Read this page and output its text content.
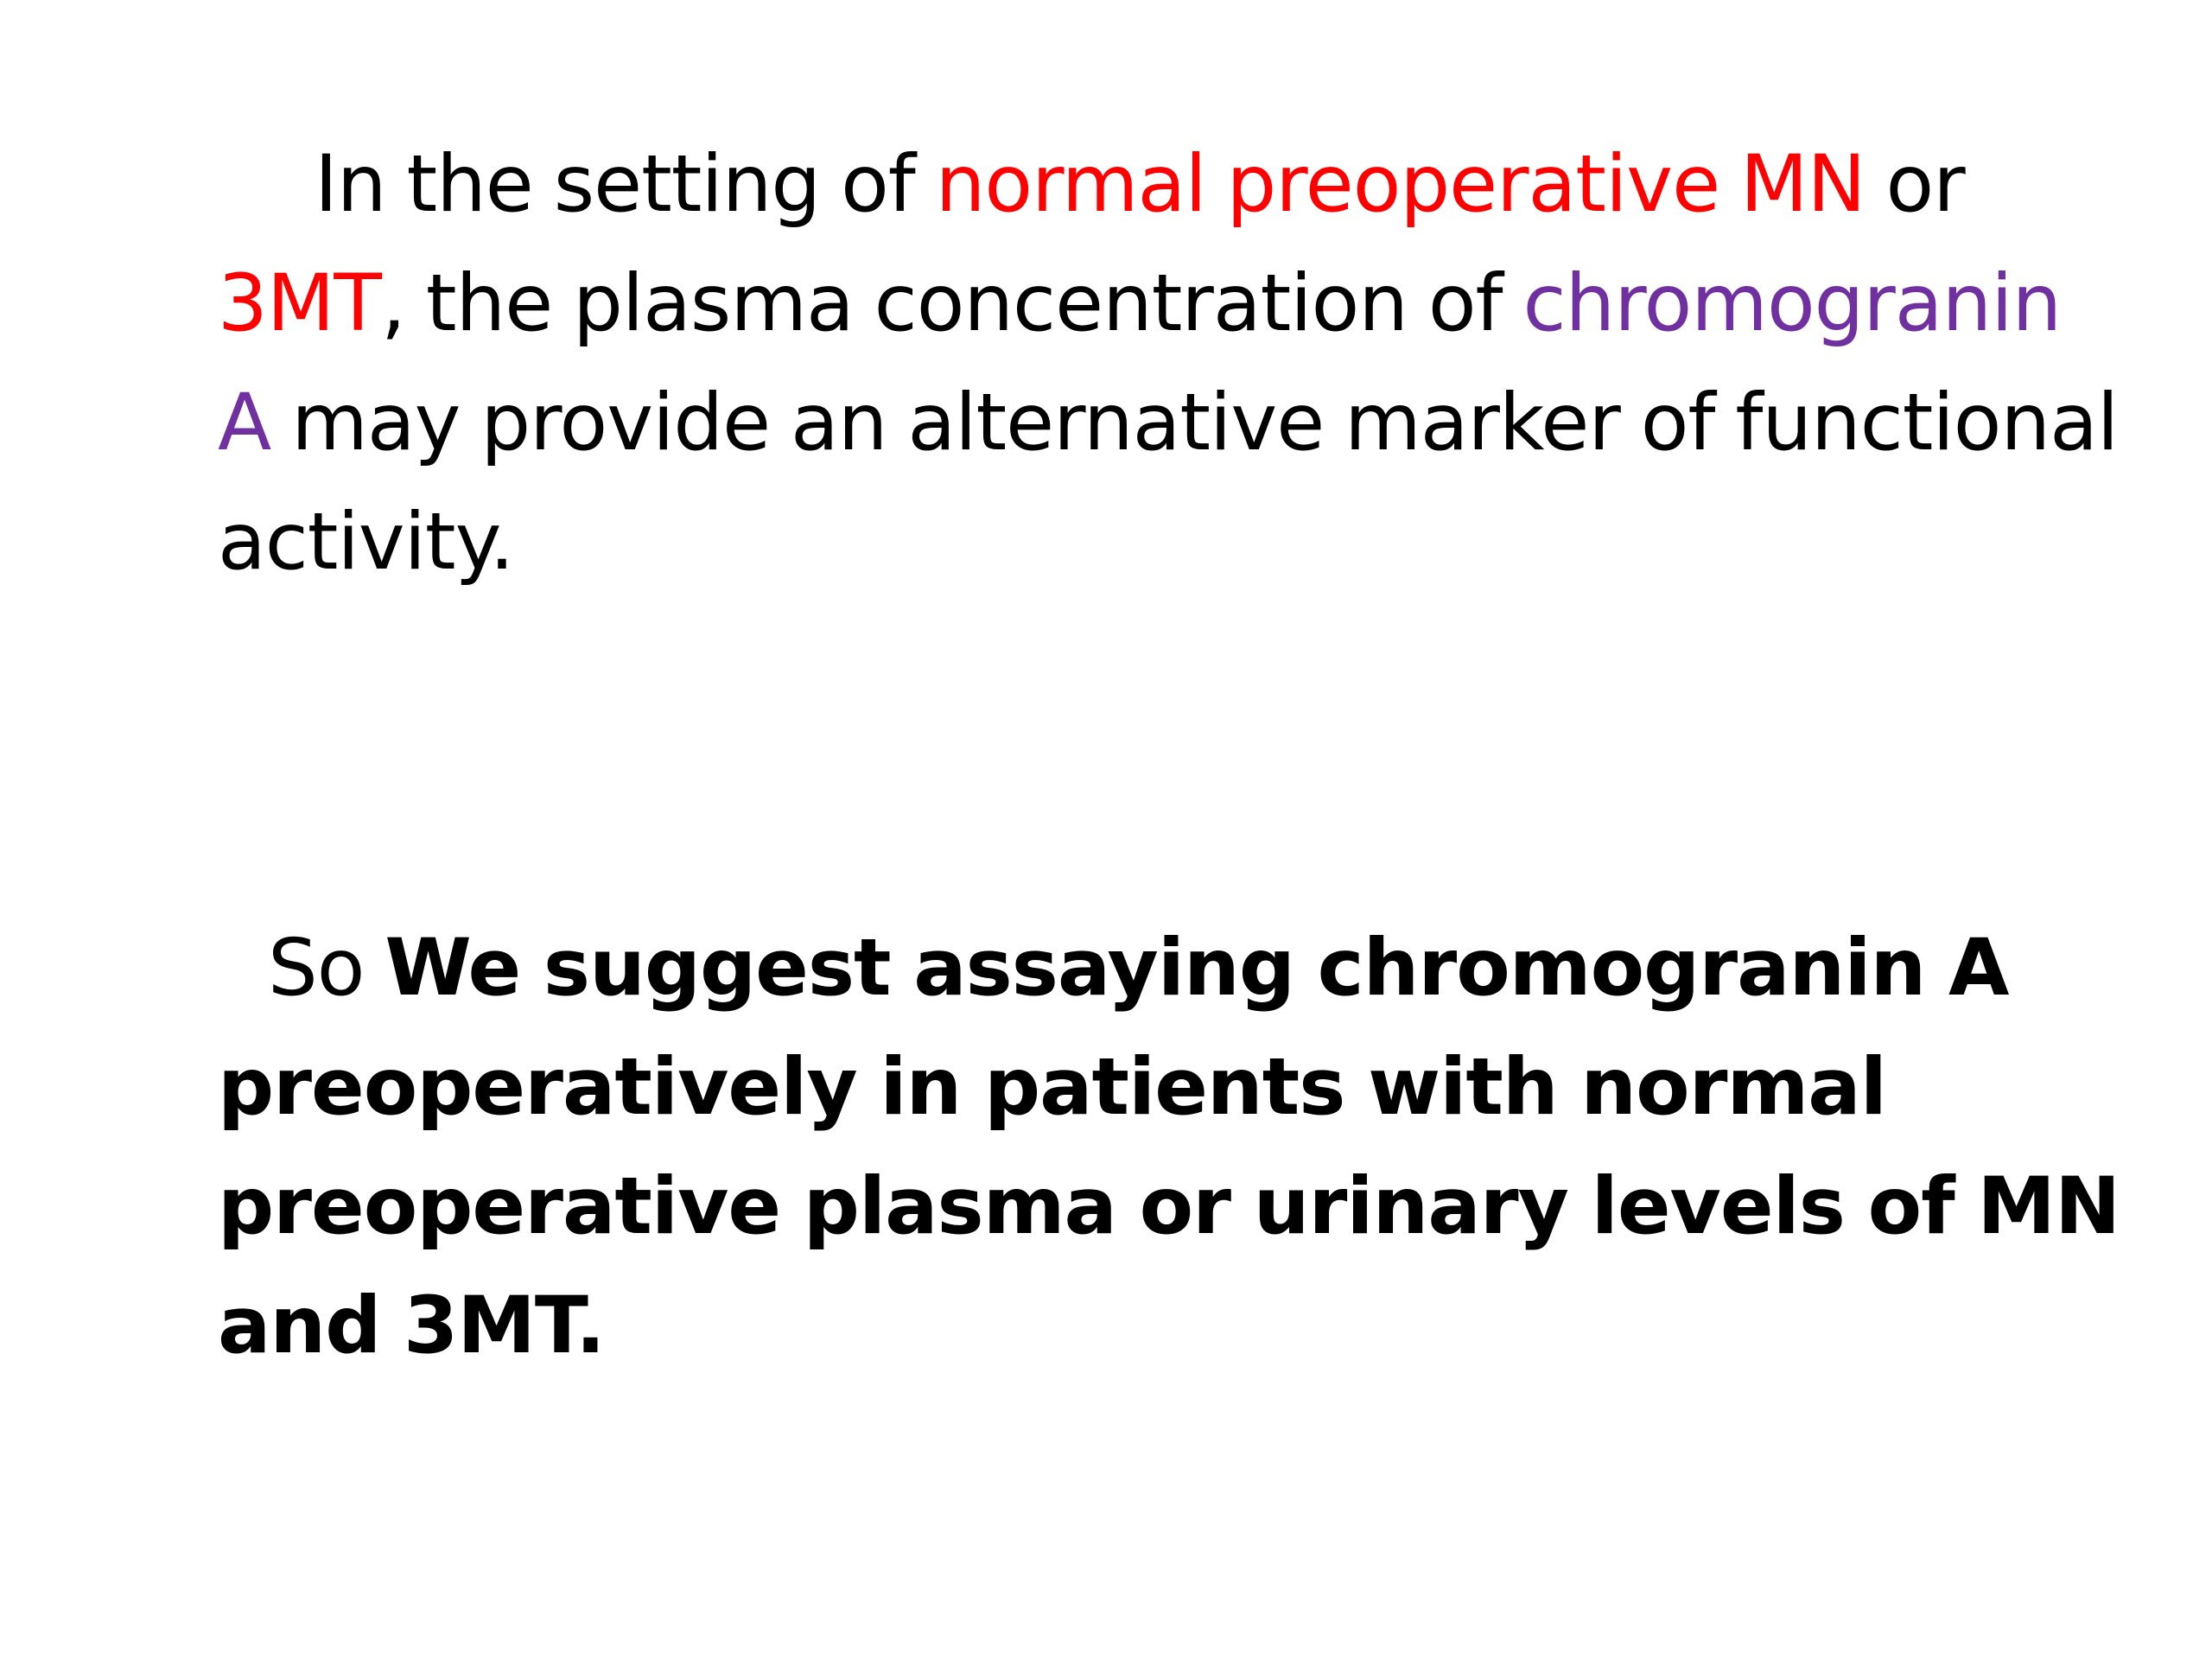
In the setting of normal preoperative MN or 3MT, the plasma concentration of chromogranin A may provide an alternative marker of functional activity.

So We suggest assaying chromogranin A preoperatively in patients with normal preoperative plasma or urinary levels of MN and 3MT.
